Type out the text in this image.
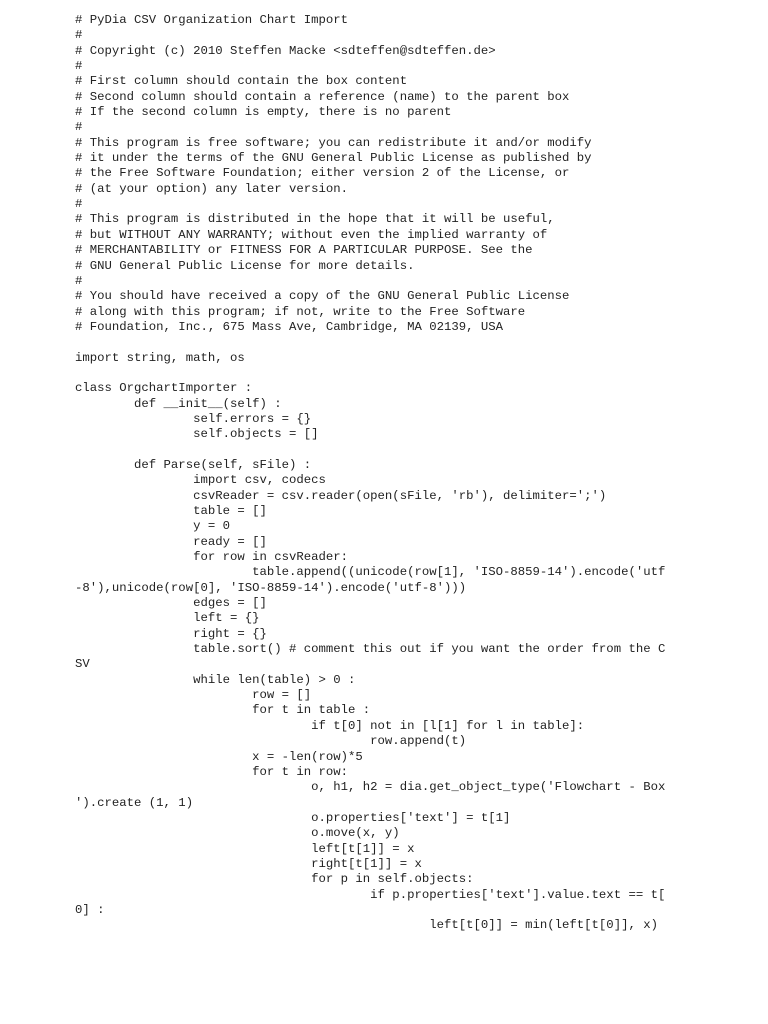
# PyDia CSV Organization Chart Import
#
# Copyright (c) 2010 Steffen Macke <sdteffen@sdteffen.de>
#
# First column should contain the box content
# Second column should contain a reference (name) to the parent box
# If the second column is empty, there is no parent
#
# This program is free software; you can redistribute it and/or modify
# it under the terms of the GNU General Public License as published by
# the Free Software Foundation; either version 2 of the License, or
# (at your option) any later version.
#
# This program is distributed in the hope that it will be useful,
# but WITHOUT ANY WARRANTY; without even the implied warranty of
# MERCHANTABILITY or FITNESS FOR A PARTICULAR PURPOSE. See the
# GNU General Public License for more details.
#
# You should have received a copy of the GNU General Public License
# along with this program; if not, write to the Free Software
# Foundation, Inc., 675 Mass Ave, Cambridge, MA 02139, USA
import string, math, os
class OrgchartImporter :
def __init__(self) :
self.errors = {}
self.objects = []
def Parse(self, sFile) :
import csv, codecs
csvReader = csv.reader(open(sFile, 'rb'), delimiter=';')
table = []
y = 0
ready = []
for row in csvReader:
table.append((unicode(row[1], 'ISO-8859-14').encode('utf
-8'),unicode(row[0], 'ISO-8859-14').encode('utf-8')))
edges = []
left = {}
right = {}
table.sort() # comment this out if you want the order from the C
SV
while len(table) > 0 :
row = []
for t in table :
if t[0] not in [l[1] for l in table]:
row.append(t)
x = -len(row)*5
for t in row:
o, h1, h2 = dia.get_object_type('Flowchart - Box
').create (1, 1)
o.properties['text'] = t[1]
o.move(x, y)
left[t[1]] = x
right[t[1]] = x
for p in self.objects:
if p.properties['text'].value.text == t[
0] :
left[t[0]] = min(left[t[0]], x)
